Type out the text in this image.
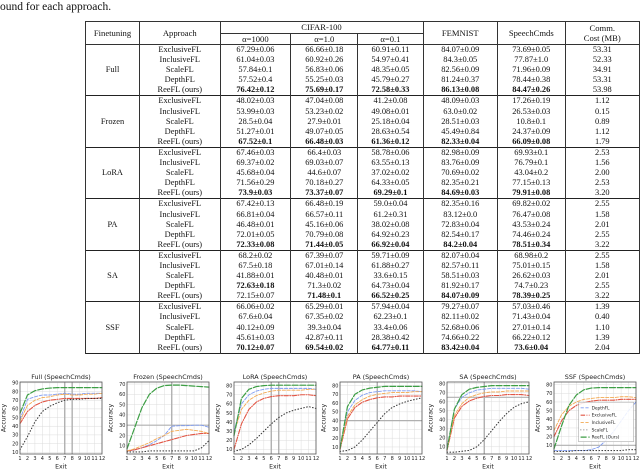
ound for each approach.
Finetuning	Approach	CIFAR-100			FEMNIST	SpeechCmds	Comm.
Cost (MB)
		α=1000	α=1.0	α=0.1			
Full	ExclusiveFL	67.29±0.06	66.66±0.18	60.91±0.11	84.07±0.09	73.69±0.05	53.31
	InclusiveFL	61.04±0.03	60.92±0.26	54.97±0.41	84.3±0.05	77.87±1.0	52.33
	ScaleFL	57.84±0.1	56.83±0.06	48.35±0.05	82.56±0.09	71.96±0.09	34.91
	DepthFL	57.52±0.4	55.25±0.03	45.79±0.27	81.24±0.37	78.44±0.38	53.31
	ReeFL (ours)	76.42±0.12	75.69±0.17	72.58±0.33	86.13±0.08	84.47±0.26	53.98
Frozen	ExclusiveFL	48.02±0.03	47.04±0.08	41.2±0.08	48.09±0.03	17.26±0.19	1.12
	InclusiveFL	53.99±0.03	53.23±0.02	49.08±0.01	63.0±0.02	26.53±0.03	0.15
	ScaleFL	28.5±0.04	27.9±0.01	25.18±0.04	28.51±0.03	10.8±0.1	0.89
	DepthFL	51.27±0.01	49.07±0.05	28.63±0.54	45.49±0.84	24.37±0.09	1.12
	ReeFL (ours)	67.52±0.1	66.48±0.03	61.36±0.12	82.33±0.04	66.09±0.08	1.79
LoRA	ExclusiveFL	67.46±0.03	66.4±0.03	58.78±0.06	82.98±0.09	69.93±0.1	2.53
	InclusiveFL	69.37±0.02	69.03±0.07	63.55±0.13	83.76±0.09	76.79±0.1	1.56
	ScaleFL	45.68±0.04	44.6±0.07	37.02±0.02	70.69±0.02	43.04±0.2	2.00
	DepthFL	71.56±0.29	70.18±0.27	64.33±0.05	82.35±0.21	77.15±0.13	2.53
	ReeFL (ours)	73.9±0.03	73.37±0.07	69.29±0.1	84.69±0.03	79.91±0.08	3.20
PA	ExclusiveFL	67.42±0.13	66.48±0.19	59.0±0.04	82.35±0.16	69.82±0.02	2.55
	InclusiveFL	66.81±0.04	66.57±0.11	61.2±0.31	83.12±0.0	76.47±0.08	1.58
	ScaleFL	46.48±0.01	45.16±0.06	38.02±0.08	72.83±0.04	43.53±0.24	2.01
	DepthFL	72.01±0.05	70.79±0.08	64.92±0.23	82.54±0.17	74.46±0.24	2.55
	ReeFL (ours)	72.33±0.08	71.44±0.05	66.92±0.04	84.2±0.04	78.51±0.34	3.22
SA	ExclusiveFL	68.2±0.02	67.39±0.07	59.71±0.09	82.07±0.04	68.98±0.2	2.55
	InclusiveFL	67.5±0.18	67.01±0.14	61.88±0.27	82.57±0.11	75.01±0.15	1.58
	ScaleFL	41.88±0.01	40.48±0.01	33.6±0.15	58.51±0.03	26.62±0.03	2.01
	DepthFL	72.63±0.18	71.3±0.02	64.73±0.04	81.92±0.17	74.7±0.23	2.55
	ReeFL (ours)	72.15±0.07	71.48±0.1	66.52±0.25	84.07±0.09	78.39±0.25	3.22
SSF	ExclusiveFL	66.06±0.02	65.29±0.01	57.94±0.04	79.27±0.07	57.03±0.46	1.39
	InclusiveFL	67.6±0.04	67.35±0.02	62.23±0.1	82.11±0.02	71.43±0.04	0.40
	ScaleFL	40.12±0.09	39.3±0.04	33.4±0.06	52.68±0.06	27.01±0.14	1.10
	DepthFL	45.61±0.03	42.87±0.11	28.38±0.42	74.66±0.22	66.22±0.12	1.39
	ReeFL (ours)	70.12±0.07	69.54±0.02	64.77±0.11	83.42±0.04	73.6±0.04	2.04
1 2 3 4 5 6 7 8 9 10 11 12
10
20
30
40
50
60
70
80
90
Full (SpeechCmds)
Exit
Accuracy
1 2 3 4 5 6 7 8 9 10 11 12
10
20
30
40
50
60
70
Frozen (SpeechCmds)
Exit
Accuracy
1 2 3 4 5 6 7 8 9 10 11 12
10
20
30
40
50
60
70
80
LoRA (SpeechCmds)
Exit
Accuracy
1 2 3 4 5 6 7 8 9 10 11 12
10
20
30
40
50
60
70
80
PA (SpeechCmds)
Exit
Accuracy
1 2 3 4 5 6 7 8 9 10 11 12
10
20
30
40
50
60
70
80
SA (SpeechCmds)
Exit
Accuracy
1 2 3 4 5 6 7 8 9 10 11 12
10
20
30
40
50
60
70
80
SSF (SpeechCmds)
Exit
Accuracy	DepthFL
ExclusiveFL
InclusiveFL
ScaleFL
ReeFL (Ours)
